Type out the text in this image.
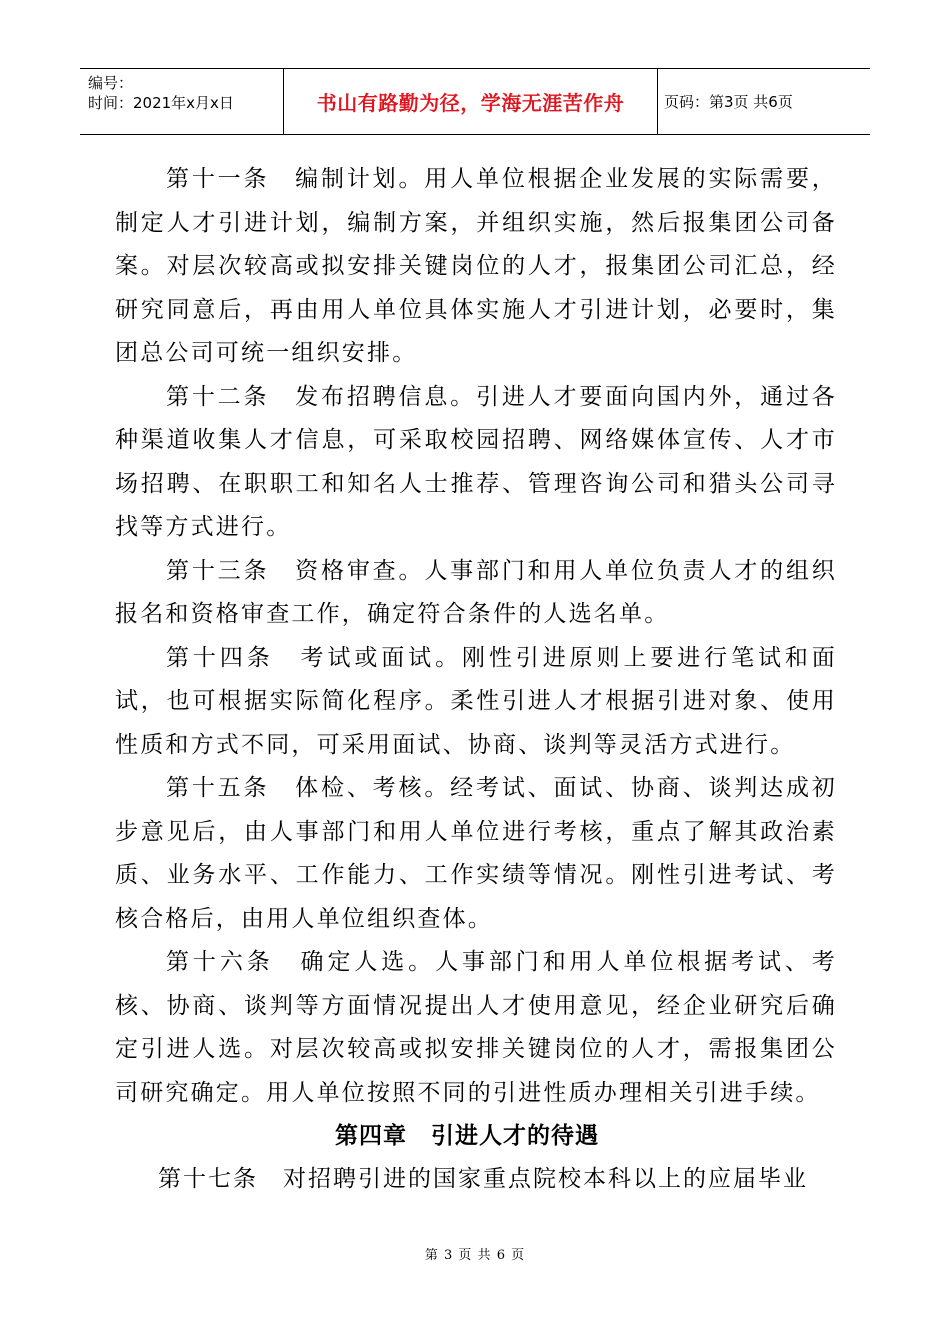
编号：
时间：2021年x月x日	书山有路勤为径，学海无涯苦作舟	页码：第3页 共6页

第十一条　编制计划。用人单位根据企业发展的实际需要，制定人才引进计划，编制方案，并组织实施，然后报集团公司备案。对层次较高或拟安排关键岗位的人才，报集团公司汇总，经研究同意后，再由用人单位具体实施人才引进计划，必要时，集团总公司可统一组织安排。

第十二条　发布招聘信息。引进人才要面向国内外，通过各种渠道收集人才信息，可采取校园招聘、网络媒体宣传、人才市场招聘、在职职工和知名人士推荐、管理咨询公司和猎头公司寻找等方式进行。

第十三条　资格审查。人事部门和用人单位负责人才的组织报名和资格审查工作，确定符合条件的人选名单。

第十四条　考试或面试。刚性引进原则上要进行笔试和面试，也可根据实际简化程序。柔性引进人才根据引进对象、使用性质和方式不同，可采用面试、协商、谈判等灵活方式进行。

第十五条　体检、考核。经考试、面试、协商、谈判达成初步意见后，由人事部门和用人单位进行考核，重点了解其政治素质、业务水平、工作能力、工作实绩等情况。刚性引进考试、考核合格后，由用人单位组织查体。

第十六条　确定人选。人事部门和用人单位根据考试、考核、协商、谈判等方面情况提出人才使用意见，经企业研究后确定引进人选。对层次较高或拟安排关键岗位的人才，需报集团公司研究确定。用人单位按照不同的引进性质办理相关引进手续。

第四章　引进人才的待遇

第十七条　对招聘引进的国家重点院校本科以上的应届毕业

第 3 页 共 6 页
